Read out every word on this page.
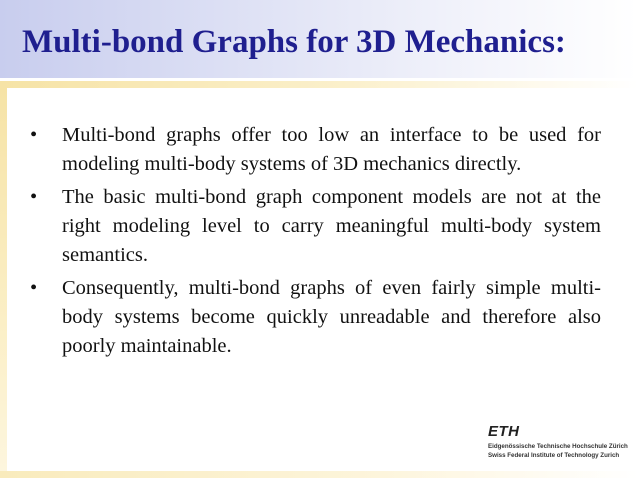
Multi-bond Graphs for 3D Mechanics:
• Multi-bond graphs offer too low an interface to be used for modeling multi-body systems of 3D mechanics directly.
• The basic multi-bond graph component models are not at the right modeling level to carry meaningful multi-body system semantics.
• Consequently, multi-bond graphs of even fairly simple multi-body systems become quickly unreadable and therefore also poorly maintainable.
ETH
Eidgenössische Technische Hochschule Zürich
Swiss Federal Institute of Technology Zurich
